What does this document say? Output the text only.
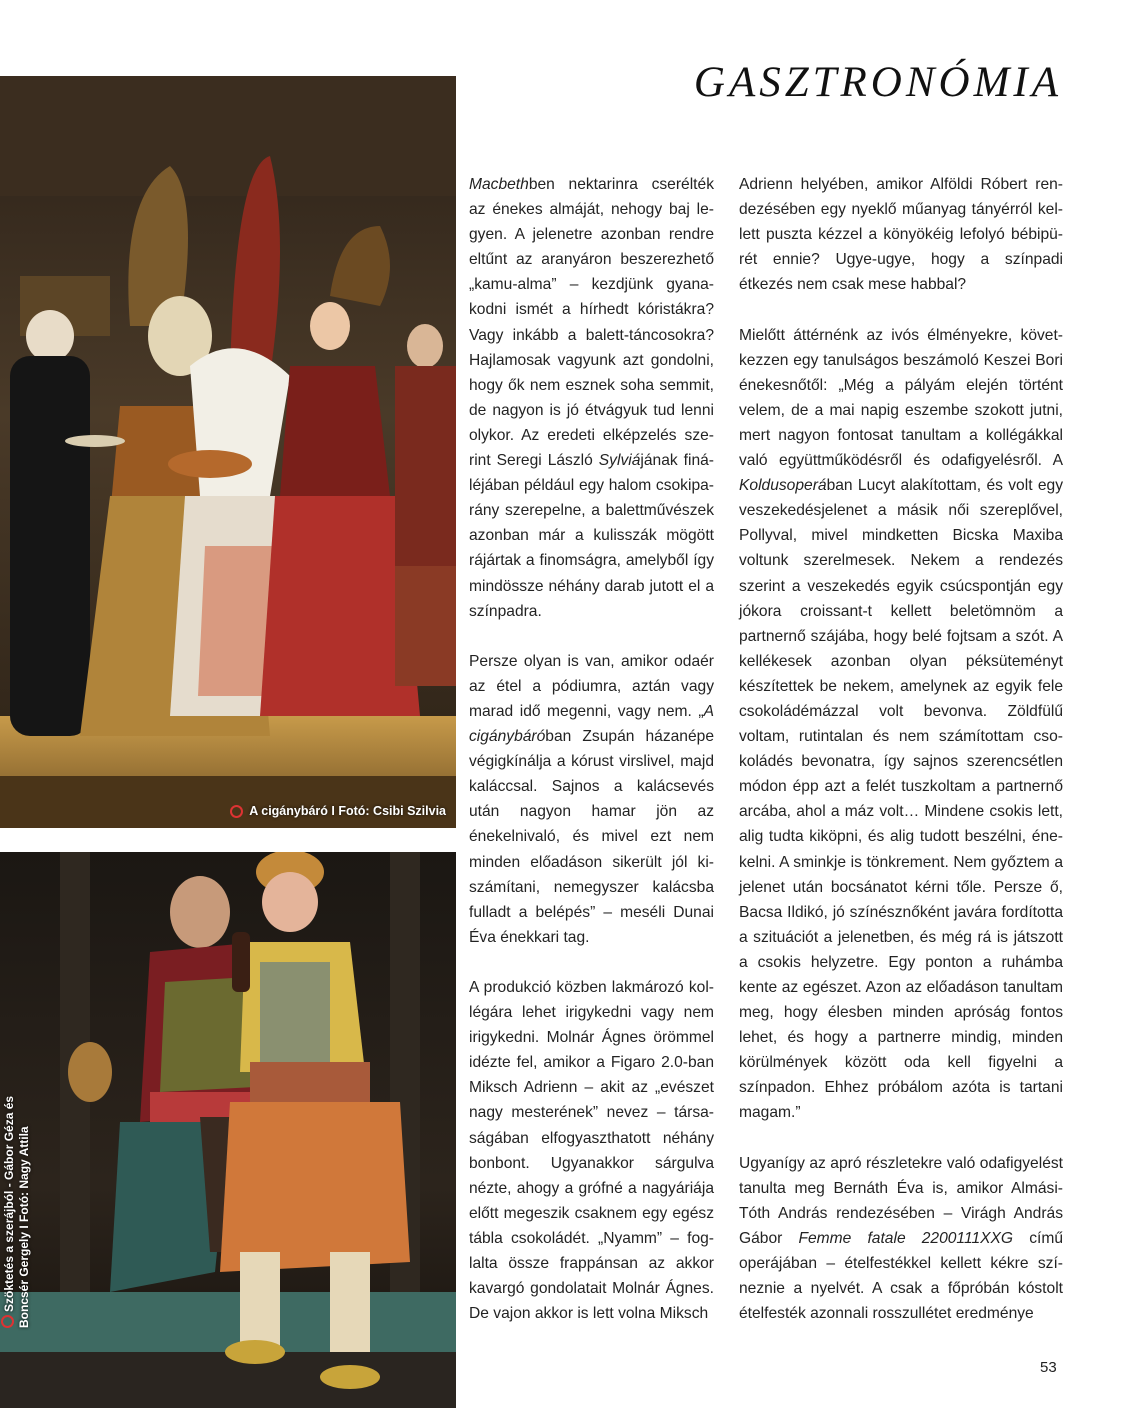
GASZTRONÓMIA
A cigánybáró I Fotó: Csibi Szilvia
Szöktetés a szerájból - Gábor Géza és
Boncsér Gergely I Fotó: Nagy Attila

Macbethben nektarinra cserélték az énekes almáját, nehogy baj legyen. A jelenetre azonban rendre eltűnt az aranyáron beszerezhető „kamu-alma” – kezdjünk gyanakodni ismét a hírhedt kóristákra? Vagy inkább a balett-táncosokra? Hajlamosak vagyunk azt gondolni, hogy ők nem esznek soha semmit, de nagyon is jó étvágyuk tud lenni olykor. Az eredeti elképzelés szerint Seregi László Sylviájának fináléjában például egy halom csokiparány szerepelne, a balettművészek azonban már a kulisszák mögött rájártak a finomságra, amelyből így mindössze néhány darab jutott el a színpadra.

Persze olyan is van, amikor odaér az étel a pódiumra, aztán vagy marad idő megenni, vagy nem. „A cigánybáróban Zsupán házanépe végigkínálja a kórust virslivel, majd kaláccsal. Sajnos a kalácsevés után nagyon hamar jön az énekelnivaló, és mivel ezt nem minden előadáson sikerült jól kiszámítani, nemegyszer kalácsba fulladt a belépés” – meséli Dunai Éva énekkari tag.

A produkció közben lakmározó kollégára lehet irigykedni vagy nem irigykedni. Molnár Ágnes örömmel idézte fel, amikor a Figaro 2.0-ban Miksch Adrienn – akit az „evészet nagy mesterének” nevez – társaságában elfogyaszthatott néhány bonbont. Ugyanakkor sárgulva nézte, ahogy a grófné a nagyáriája előtt megeszik csaknem egy egész tábla csokoládét. „Nyamm” – foglalta össze frappánsan az akkor kavargó gondolatait Molnár Ágnes. De vajon akkor is lett volna Miksch

Adrienn helyében, amikor Alföldi Róbert rendezésében egy nyeklő műanyag tányérról kellett puszta kézzel a könyökéig lefolyó bébipürét ennie? Ugye-ugye, hogy a színpadi étkezés nem csak mese habbal?

Mielőtt áttérnénk az ivós élményekre, következzen egy tanulságos beszámoló Keszei Bori énekesnőtől: „Még a pályám elején történt velem, de a mai napig eszembe szokott jutni, mert nagyon fontosat tanultam a kollégákkal való együttműködésről és odafigyelésről. A Koldusoperában Lucyt alakítottam, és volt egy veszekedésjelenet a másik női szereplővel, Pollyval, mivel mindketten Bicska Maxiba voltunk szerelmesek. Nekem a rendezés szerint a veszekedés egyik csúcspontján egy jókora croissant-t kellett beletömnöm a partnernő szájába, hogy belé fojtsam a szót. A kellékesek azonban olyan péksüteményt készítettek be nekem, amelynek az egyik fele csokoládémázzal volt bevonva. Zöldfülű voltam, rutintalan és nem számítottam csokoládés bevonatra, így sajnos szerencsétlen módon épp azt a felét tuszkoltam a partnernő arcába, ahol a máz volt… Mindene csokis lett, alig tudta kiköpni, és alig tudott beszélni, énekelni. A sminkje is tönkrement. Nem győztem a jelenet után bocsánatot kérni tőle. Persze ő, Bacsa Ildikó, jó színésznőként javára fordította a szituációt a jelenetben, és még rá is játszott a csokis helyzetre. Egy ponton a ruhámba kente az egészet. Azon az előadáson tanultam meg, hogy élesben minden apróság fontos lehet, és hogy a partnerre mindig, minden körülmények között oda kell figyelni a színpadon. Ehhez próbálom azóta is tartani magam.”

Ugyanígy az apró részletekre való odafigyelést tanulta meg Bernáth Éva is, amikor Almási-Tóth András rendezésében – Virágh András Gábor Femme fatale 2200111XXG című operájában – ételfestékkel kellett kékre színeznie a nyelvét. A csak a főpróbán kóstolt ételfesték azonnali rosszullétet eredménye

53
